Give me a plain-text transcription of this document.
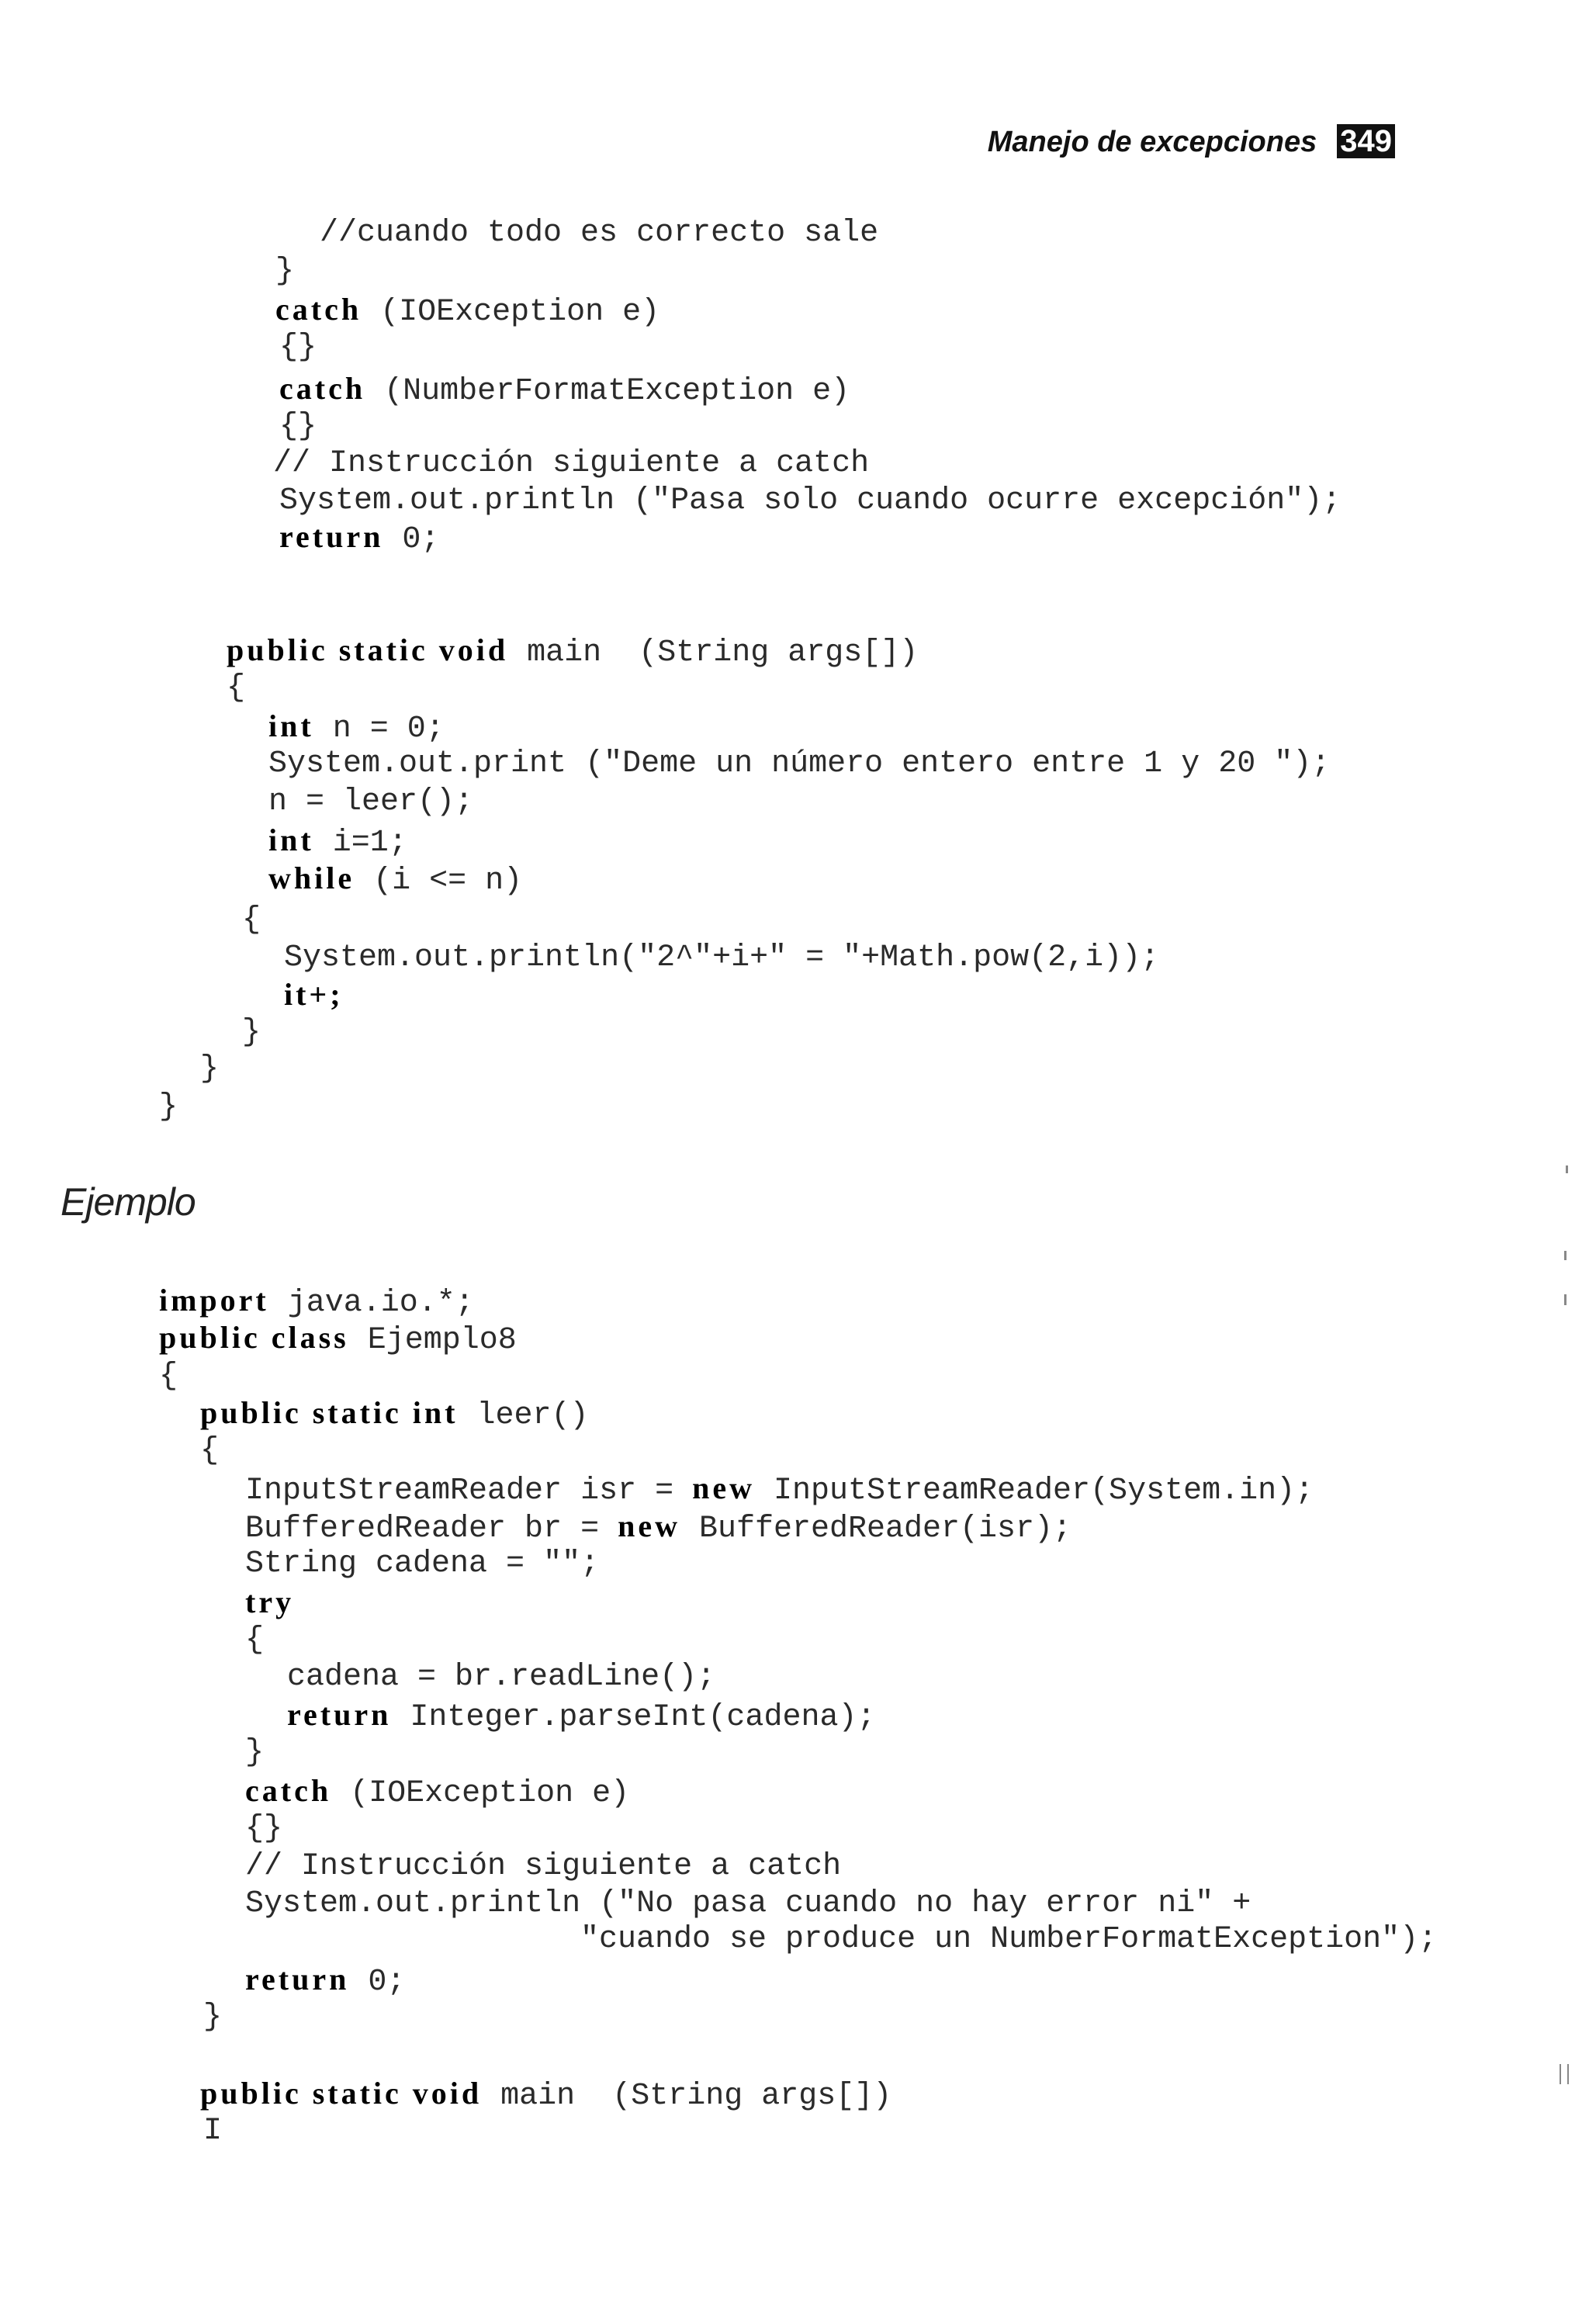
Manejo de excepciones 349
//cuando todo es correcto sale
}
catch (IOException e)
{}
catch (NumberFormatException e)
{}
// Instrucción siguiente a catch
System.out.println ("Pasa solo cuando ocurre excepción");
return 0;
public static void main  (String args[])
{
int n = 0;
System.out.print ("Deme un número entero entre 1 y 20 ");
n = leer();
int i=1;
while (i <= n)
{
System.out.println("2^"+i+" = "+Math.pow(2,i));
it+;
}
}
}
Ejemplo
import java.io.*;
public class Ejemplo8
{
public static int leer()
{
InputStreamReader isr = new InputStreamReader(System.in);
BufferedReader br = new BufferedReader(isr);
String cadena = "";
try
{
cadena = br.readLine();
return Integer.parseInt(cadena);
}
catch (IOException e)
{}
// Instrucción siguiente a catch
System.out.println ("No pasa cuando no hay error ni" +
"cuando se produce un NumberFormatException");
return 0;
}
public static void main  (String args[])
I
